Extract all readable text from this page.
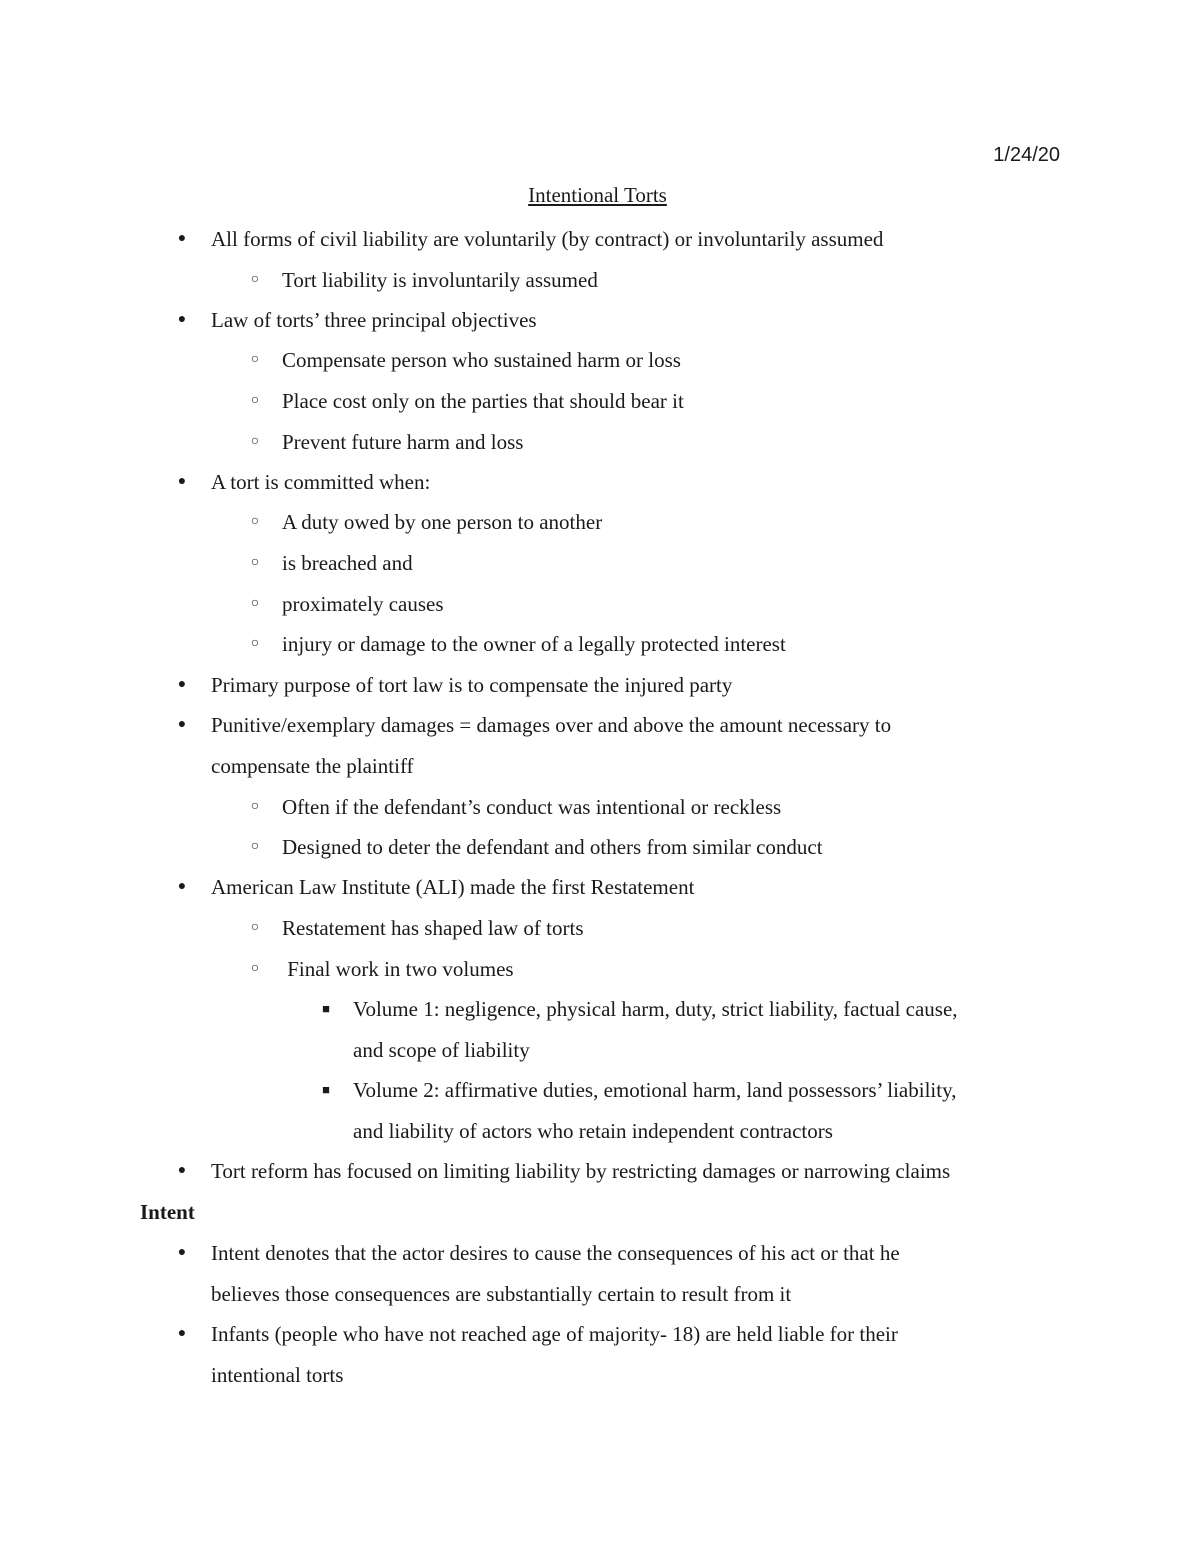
1/24/20
Intentional Torts
● All forms of civil liability are voluntarily (by contract) or involuntarily assumed
○ Tort liability is involuntarily assumed
● Law of torts’ three principal objectives
○ Compensate person who sustained harm or loss
○ Place cost only on the parties that should bear it
○ Prevent future harm and loss
● A tort is committed when:
○ A duty owed by one person to another
○ is breached and
○ proximately causes
○ injury or damage to the owner of a legally protected interest
● Primary purpose of tort law is to compensate the injured party
● Punitive/exemplary damages = damages over and above the amount necessary to
compensate the plaintiff
○ Often if the defendant’s conduct was intentional or reckless
○ Designed to deter the defendant and others from similar conduct
● American Law Institute (ALI) made the first Restatement
○ Restatement has shaped law of torts
○ Final work in two volumes
■ Volume 1: negligence, physical harm, duty, strict liability, factual cause,
and scope of liability
■ Volume 2: affirmative duties, emotional harm, land possessors’ liability,
and liability of actors who retain independent contractors
● Tort reform has focused on limiting liability by restricting damages or narrowing claims
Intent
● Intent denotes that the actor desires to cause the consequences of his act or that he
believes those consequences are substantially certain to result from it
● Infants (people who have not reached age of majority- 18) are held liable for their
intentional torts
